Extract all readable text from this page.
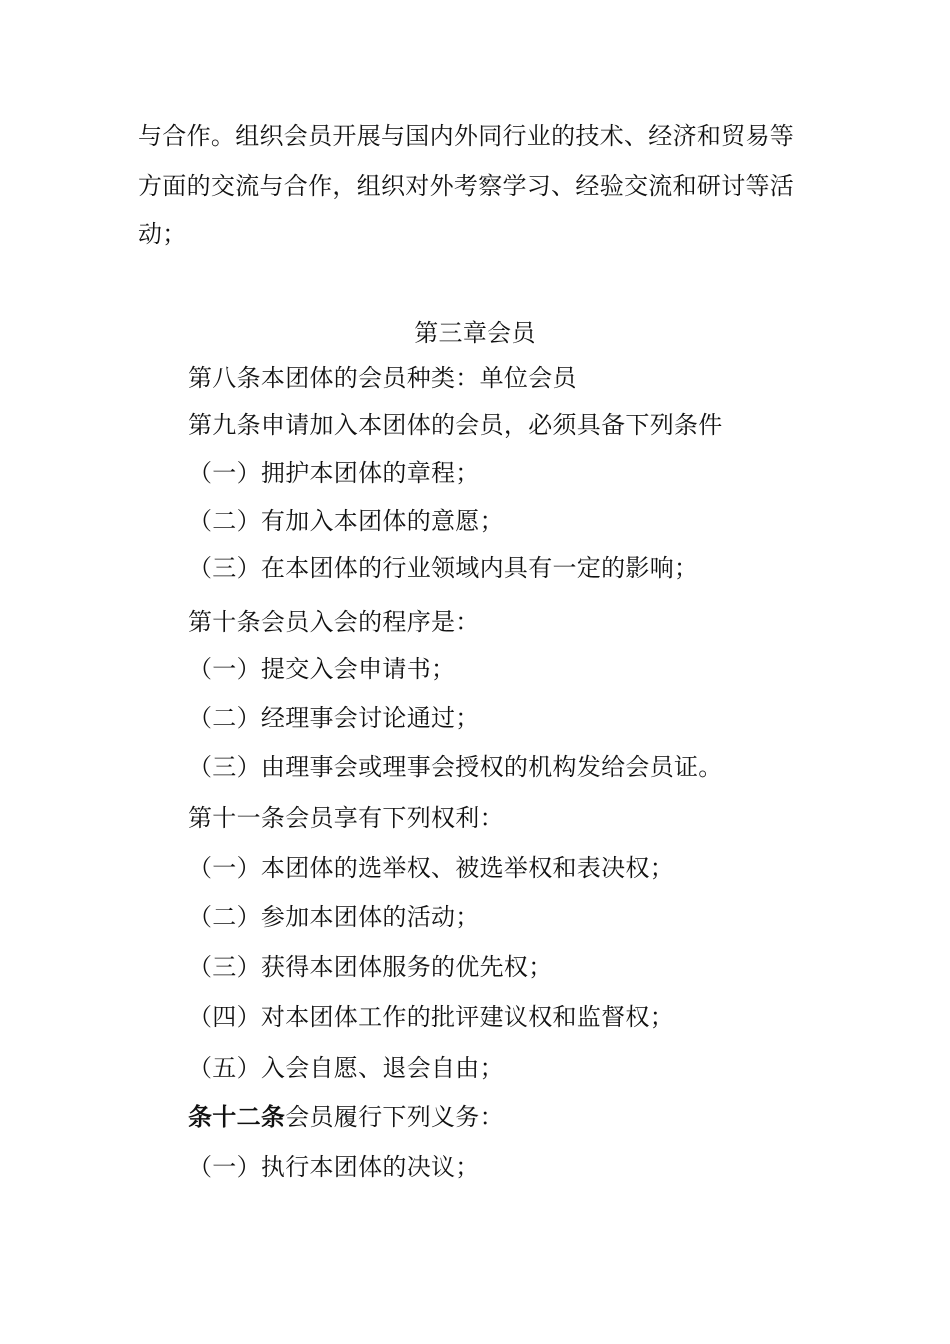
与合作。组织会员开展与国内外同行业的技术、经济和贸易等
方面的交流与合作，组织对外考察学习、经验交流和研讨等活
动；
第三章会员
第八条本团体的会员种类：单位会员
第九条申请加入本团体的会员，必须具备下列条件
（一）拥护本团体的章程；
（二）有加入本团体的意愿；
（三）在本团体的行业领域内具有一定的影响；
第十条会员入会的程序是：
（一）提交入会申请书；
（二）经理事会讨论通过；
（三）由理事会或理事会授权的机构发给会员证。
第十一条会员享有下列权利：
（一）本团体的选举权、被选举权和表决权；
（二）参加本团体的活动；
（三）获得本团体服务的优先权；
（四）对本团体工作的批评建议权和监督权；
（五）入会自愿、退会自由；
条十二条会员履行下列义务：
（一）执行本团体的决议；
